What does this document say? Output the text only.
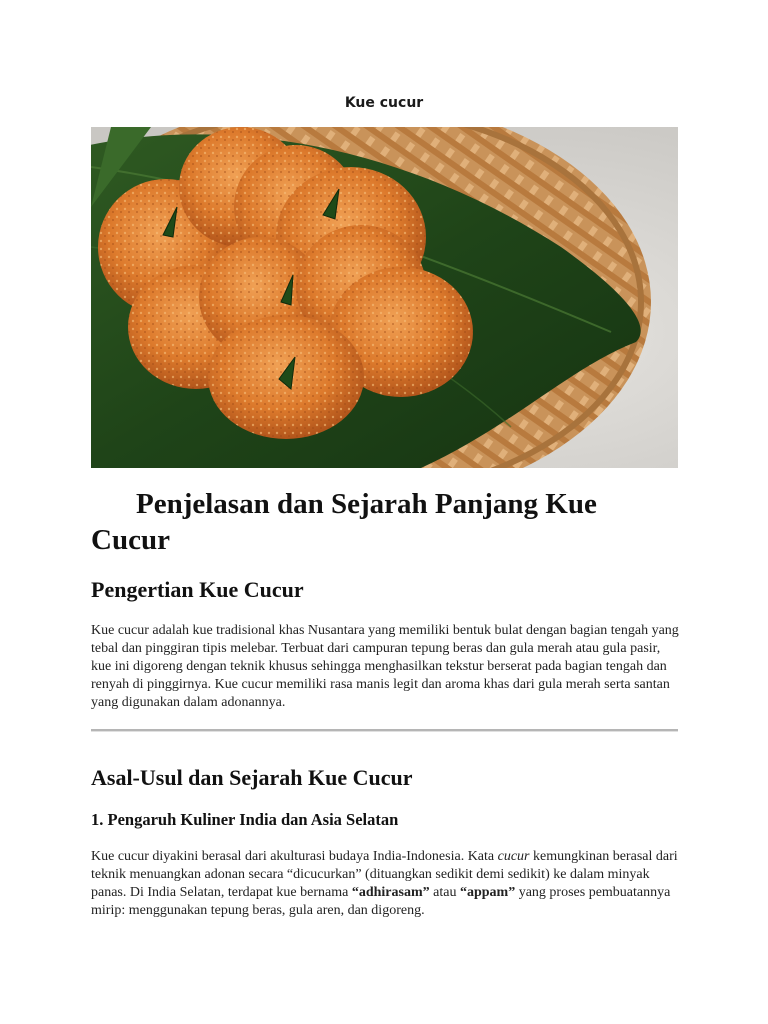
Kue cucur
Penjelasan dan Sejarah Panjang Kue Cucur
Pengertian Kue Cucur

Kue cucur adalah kue tradisional khas Nusantara yang memiliki bentuk bulat dengan bagian tengah yang tebal dan pinggiran tipis melebar. Terbuat dari campuran tepung beras dan gula merah atau gula pasir, kue ini digoreng dengan teknik khusus sehingga menghasilkan tekstur berserat pada bagian tengah dan renyah di pinggirnya. Kue cucur memiliki rasa manis legit dan aroma khas dari gula merah serta santan yang digunakan dalam adonannya.

Asal-Usul dan Sejarah Kue Cucur
1. Pengaruh Kuliner India dan Asia Selatan

Kue cucur diyakini berasal dari akulturasi budaya India-Indonesia. Kata cucur kemungkinan berasal dari teknik menuangkan adonan secara “dicucurkan” (dituangkan sedikit demi sedikit) ke dalam minyak panas. Di India Selatan, terdapat kue bernama “adhirasam” atau “appam” yang proses pembuatannya mirip: menggunakan tepung beras, gula aren, dan digoreng.
